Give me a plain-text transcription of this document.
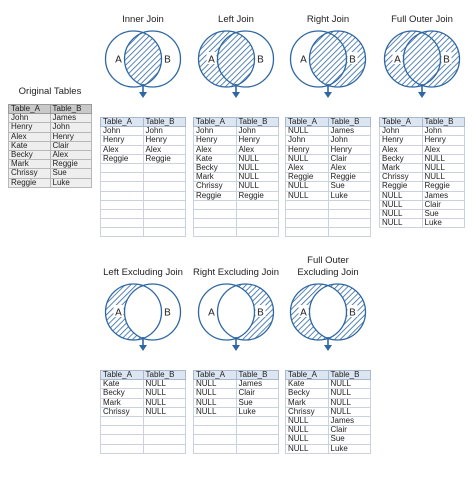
Original Tables
Table_A	Table_B
John	James
Henry	John
Alex	Henry
Kate	Clair
Becky	Alex
Mark	Reggie
Chrissy	Sue
Reggie	Luke
Inner Join
A	B
Table_A	Table_B
John	John
Henry	Henry
Alex	Alex
Reggie	Reggie

Left Join
A	B
Table_A	Table_B
John	John
Henry	Henry
Alex	Alex
Kate	NULL
Becky	NULL
Mark	NULL
Chrissy	NULL
Reggie	Reggie

Right Join
A	B
Table_A	Table_B
NULL	James
John	John
Henry	Henry
NULL	Clair
Alex	Alex
Reggie	Reggie
NULL	Sue
NULL	Luke

Full Outer Join
A	B
Table_A	Table_B
John	John
Henry	Henry
Alex	Alex
Becky	NULL
Mark	NULL
Chrissy	NULL
Reggie	Reggie
NULL	James
NULL	Clair
NULL	Sue
NULL	Luke
Left Excluding Join
A	B
Table_A	Table_B
Kate	NULL
Becky	NULL
Mark	NULL
Chrissy	NULL

Right Excluding Join
A	B
Table_A	Table_B
NULL	James
NULL	Clair
NULL	Sue
NULL	Luke

Full Outer
Excluding Join
A	B
Table_A	Table_B
Kate	NULL
Becky	NULL
Mark	NULL
Chrissy	NULL
NULL	James
NULL	Clair
NULL	Sue
NULL	Luke
